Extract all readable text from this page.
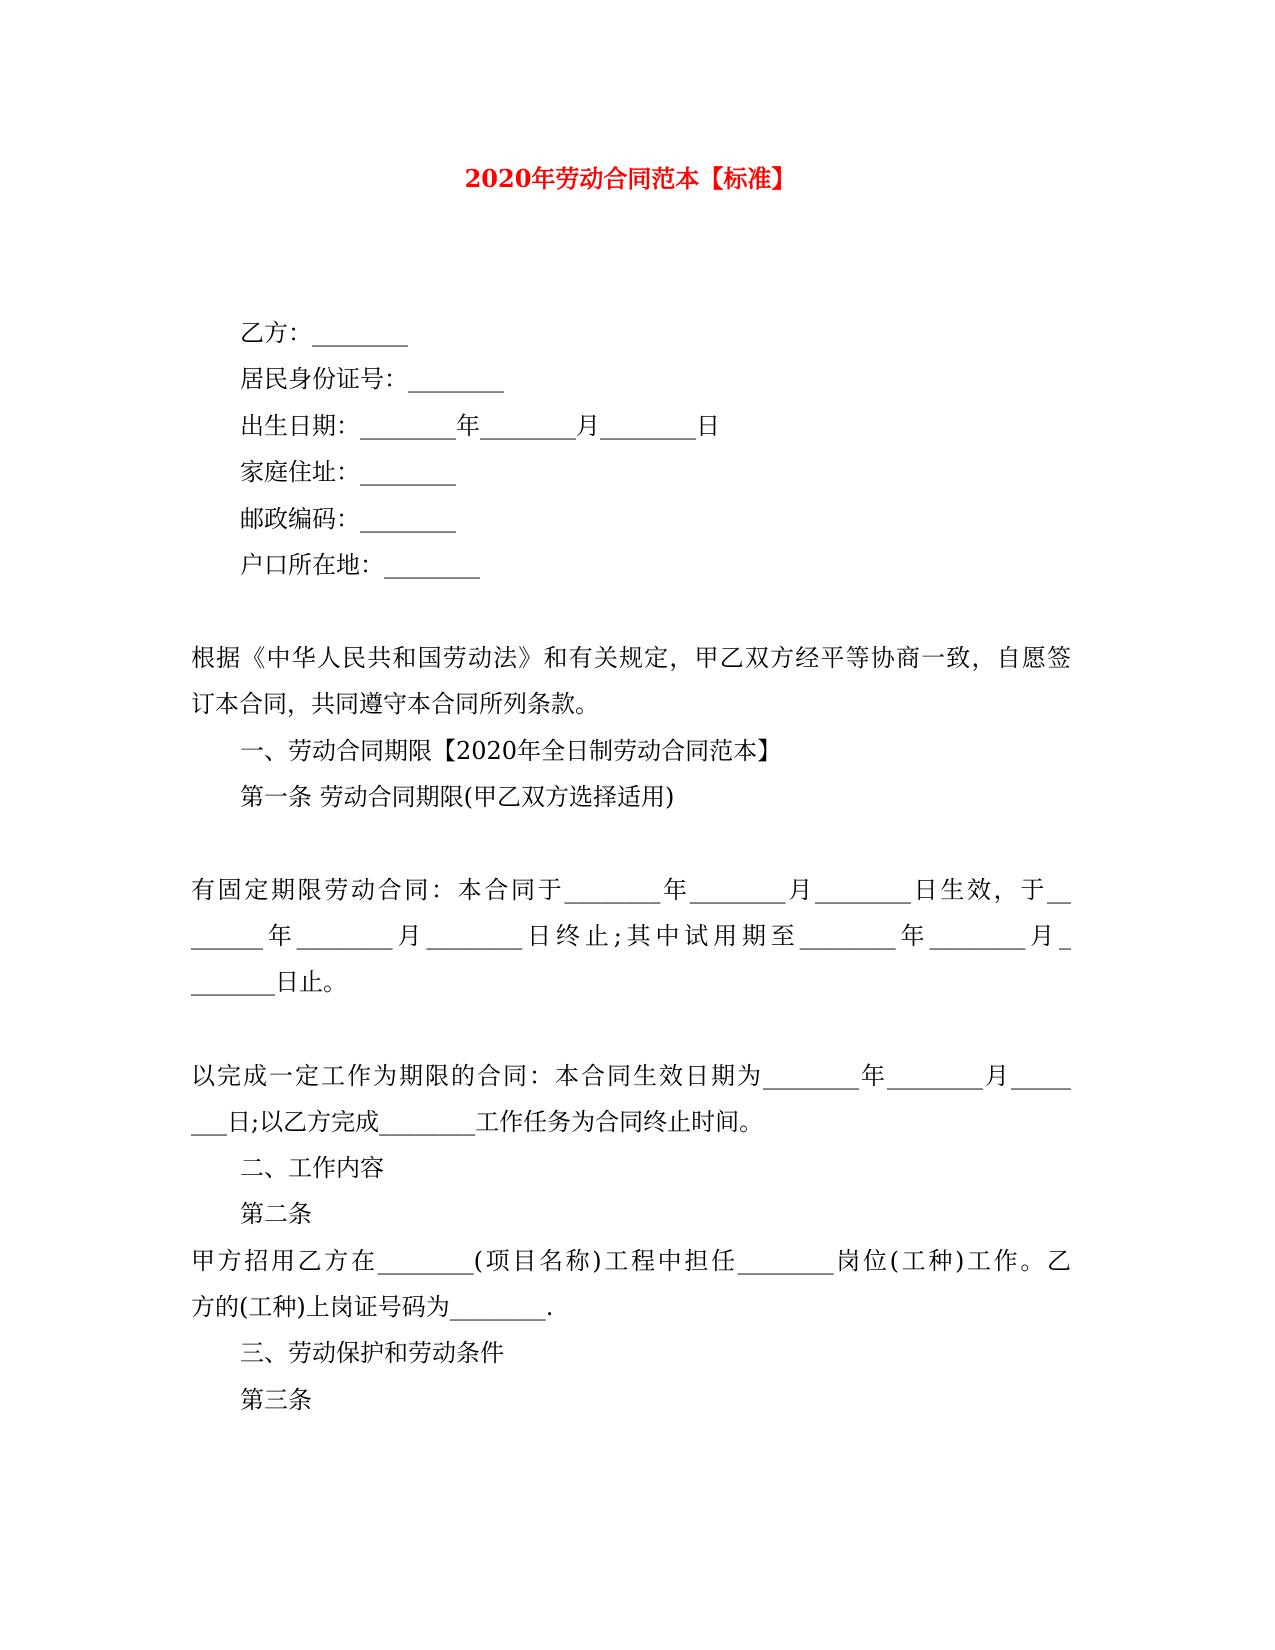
2020年劳动合同范本【标准】
乙方：________
居民身份证号：________
出生日期：________年________月________日
家庭住址：________
邮政编码：________
户口所在地：________
根据《中华人民共和国劳动法》和有关规定，甲乙双方经平等协商一致，自愿签
订本合同，共同遵守本合同所列条款。
一、劳动合同期限【2020年全日制劳动合同范本】
第一条 劳动合同期限(甲乙双方选择适用)
有固定期限劳动合同：本合同于________年________月________日生效，于__
______年________月________日终止;其中试用期至________年________月_
_______日止。
以完成一定工作为期限的合同：本合同生效日期为________年________月_____
___日;以乙方完成________工作任务为合同终止时间。
二、工作内容
第二条
甲方招用乙方在________(项目名称)工程中担任________岗位(工种)工作。乙
方的(工种)上岗证号码为________.
三、劳动保护和劳动条件
第三条
